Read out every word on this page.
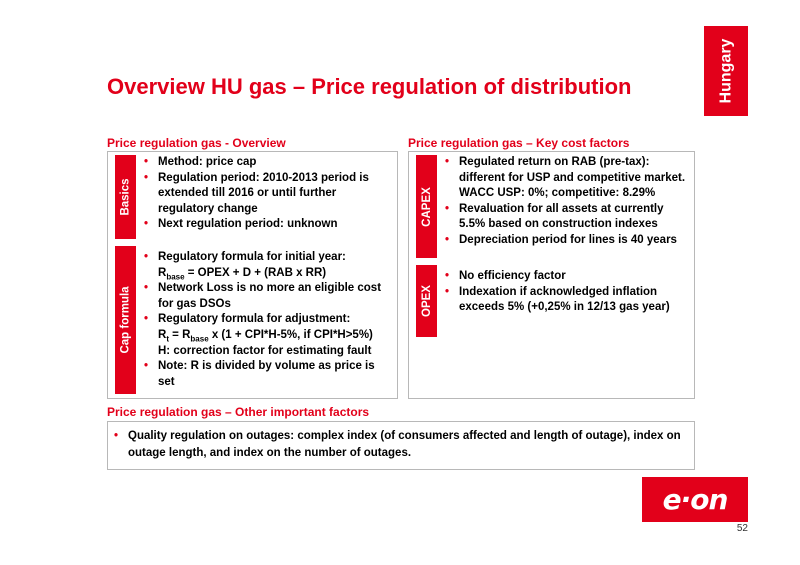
Overview HU gas – Price regulation of distribution	Hungary
Price regulation gas - Overview
Basics
• Method: price cap
• Regulation period: 2010-2013 period is
extended till 2016 or until further
regulatory change
• Next regulation period: unknown
Cap formula
• Regulatory formula for initial year:
$R_{base}$ = OPEX + D + (RAB x RR)
• Network Loss is no more an eligible cost
for gas DSOs
• Regulatory formula for adjustment:
$R_t = R_{base}$ x (1 + CPI*H-5%, if CPI*H>5%)
H: correction factor for estimating fault
• Note: R is divided by volume as price is
set
Price regulation gas – Key cost factors
CAPEX
• Regulated return on RAB (pre-tax):
different for USP and competitive market.
WACC USP: 0%; competitive: 8.29%
• Revaluation for all assets at currently
5.5% based on construction indexes
• Depreciation period for lines is 40 years
OPEX
• No efficiency factor
• Indexation if acknowledged inflation
exceeds 5% (+0,25% in 12/13 gas year)
Price regulation gas – Other important factors
• Quality regulation on outages: complex index (of consumers affected and length of outage), index on
outage length, and index on the number of outages.
e·on
52
